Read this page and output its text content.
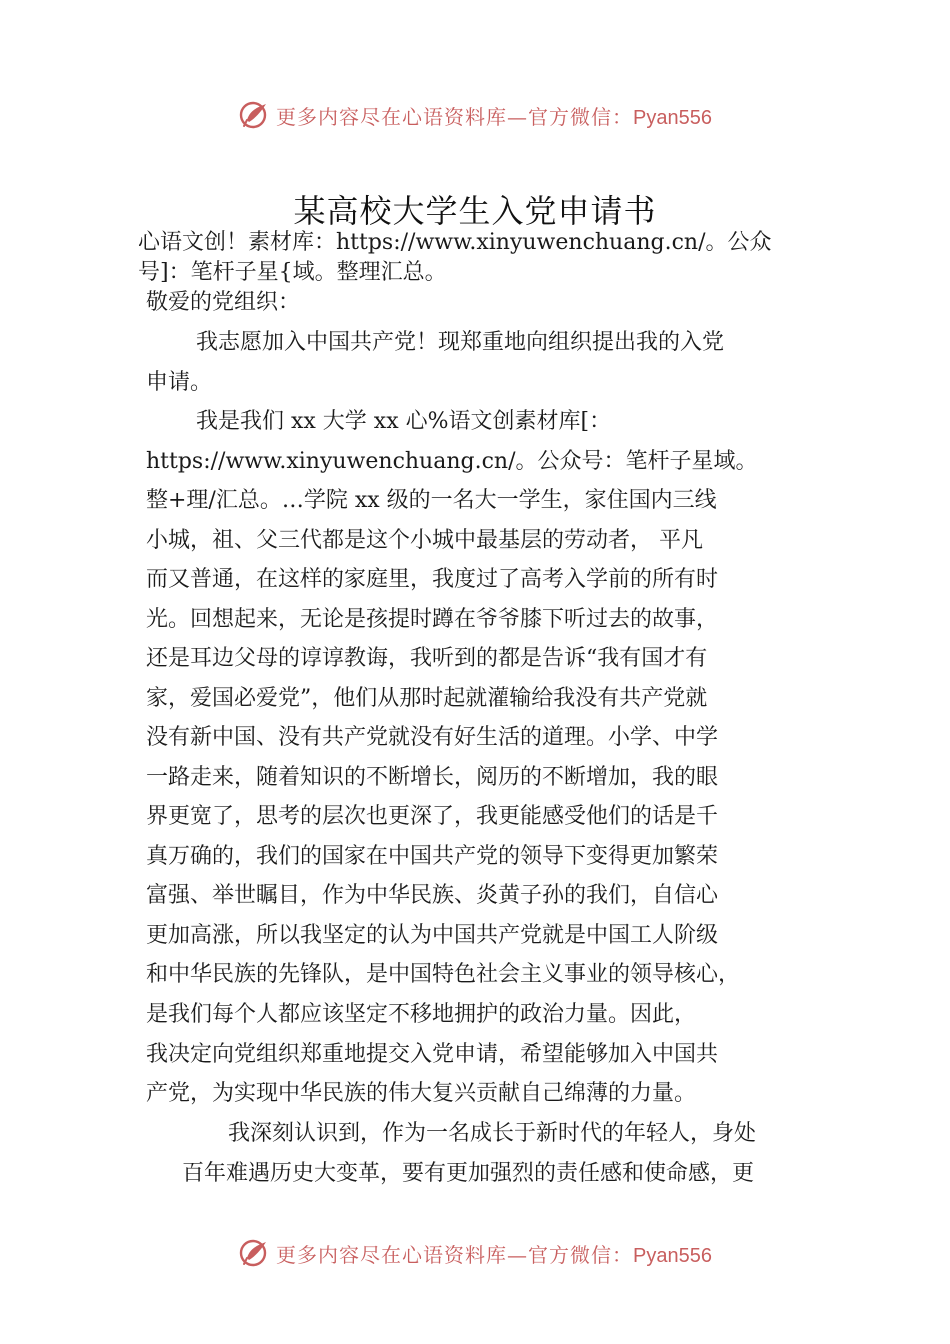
更多内容尽在心语资料库—官方微信：Pyan556
某高校大学生入党申请书
心语文创！素材库：https://www.xinyuwenchuang.cn/。公众
号]：笔杆子星{域。整理汇总。
敬爱的党组织：
我志愿加入中国共产党！现郑重地向组织提出我的入党
申请。
我是我们 xx 大学 xx 心%语文创素材库[：
https://www.xinyuwenchuang.cn/。公众号：笔杆子星域。
整+理/汇总。…学院 xx 级的一名大一学生，家住国内三线
小城，祖、父三代都是这个小城中最基层的劳动者， 平凡
而又普通，在这样的家庭里，我度过了高考入学前的所有时
光。回想起来，无论是孩提时蹲在爷爷膝下听过去的故事，
还是耳边父母的谆谆教诲，我听到的都是告诉“我有国才有
家，爱国必爱党”，他们从那时起就灌输给我没有共产党就
没有新中国、没有共产党就没有好生活的道理。小学、中学
一路走来，随着知识的不断增长，阅历的不断增加，我的眼
界更宽了，思考的层次也更深了，我更能感受他们的话是千
真万确的，我们的国家在中国共产党的领导下变得更加繁荣
富强、举世瞩目，作为中华民族、炎黄子孙的我们，自信心
更加高涨，所以我坚定的认为中国共产党就是中国工人阶级
和中华民族的先锋队，是中国特色社会主义事业的领导核心，
是我们每个人都应该坚定不移地拥护的政治力量。因此，
我决定向党组织郑重地提交入党申请，希望能够加入中国共
产党，为实现中华民族的伟大复兴贡献自己绵薄的力量。
我深刻认识到，作为一名成长于新时代的年轻人，身处
百年难遇历史大变革，要有更加强烈的责任感和使命感，更
更多内容尽在心语资料库—官方微信：Pyan556
